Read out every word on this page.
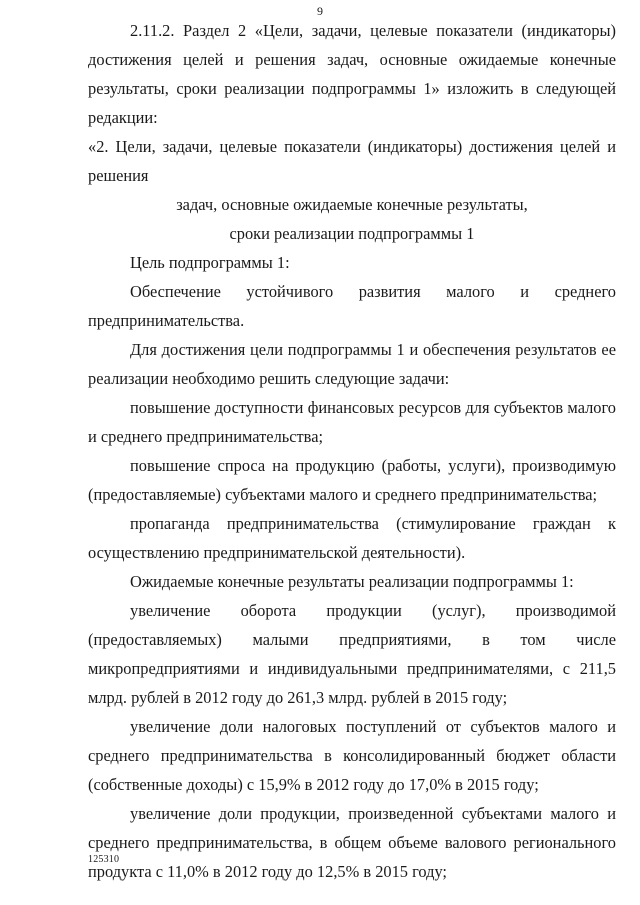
9

2.11.2. Раздел 2 «Цели, задачи, целевые показатели (индикаторы) достижения целей и решения задач, основные ожидаемые конечные результаты, сроки реализации подпрограммы 1» изложить в следующей редакции:

«2. Цели, задачи, целевые показатели (индикаторы) достижения целей и решения

задач, основные ожидаемые конечные результаты,

сроки реализации подпрограммы 1

Цель подпрограммы 1:

Обеспечение устойчивого развития малого и среднего предпринимательства.

Для достижения цели подпрограммы 1 и обеспечения результатов ее реализации необходимо решить следующие задачи:

повышение доступности финансовых ресурсов для субъектов малого и среднего предпринимательства;

повышение спроса на продукцию (работы, услуги), производимую (предоставляемые) субъектами малого и среднего предпринимательства;

пропаганда предпринимательства (стимулирование граждан к осуществлению предпринимательской деятельности).

Ожидаемые конечные результаты реализации подпрограммы 1:

увеличение оборота продукции (услуг), производимой (предоставляемых) малыми предприятиями, в том числе микропредприятиями и индивидуальными предпринимателями, с 211,5 млрд. рублей в 2012 году до 261,3 млрд. рублей в 2015 году;

увеличение доли налоговых поступлений от субъектов малого и среднего предпринимательства в консолидированный бюджет области (собственные доходы) с 15,9% в 2012 году до 17,0% в 2015 году;

увеличение доли продукции, произведенной субъектами малого и среднего предпринимательства, в общем объеме валового регионального продукта с 11,0% в 2012 году до 12,5% в 2015 году;

125310
